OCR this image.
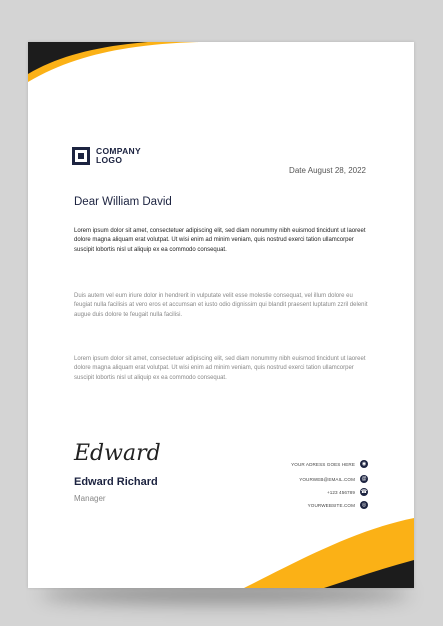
COMPANY
LOGO
Date August 28, 2022
Dear William David

Lorem ipsum dolor sit amet, consectetuer adipiscing elit, sed diam nonummy nibh euismod tincidunt ut laoreet dolore magna aliquam erat volutpat. Ut wisi enim ad minim veniam, quis nostrud exerci tation ullamcorper suscipit lobortis nisl ut aliquip ex ea commodo consequat.

Duis autem vel eum iriure dolor in hendrerit in vulputate velit esse molestie consequat, vel illum dolore eu feugiat nulla facilisis at vero eros et accumsan et iusto odio dignissim qui blandit praesent luptatum zzril delenit augue duis dolore te feugait nulla facilisi.

Lorem ipsum dolor sit amet, consectetuer adipiscing elit, sed diam nonummy nibh euismod tincidunt ut laoreet dolore magna aliquam erat volutpat. Ut wisi enim ad minim veniam, quis nostrud exerci tation ullamcorper suscipit lobortis nisl ut aliquip ex ea commodo consequat.

Edward
Edward Richard
Manager
YOUR ADRESS GOES HERE	◉
YOURWEB@EMAIL.COM @
+123 456789 ☎
YOURWEBSITE.COM	◎
